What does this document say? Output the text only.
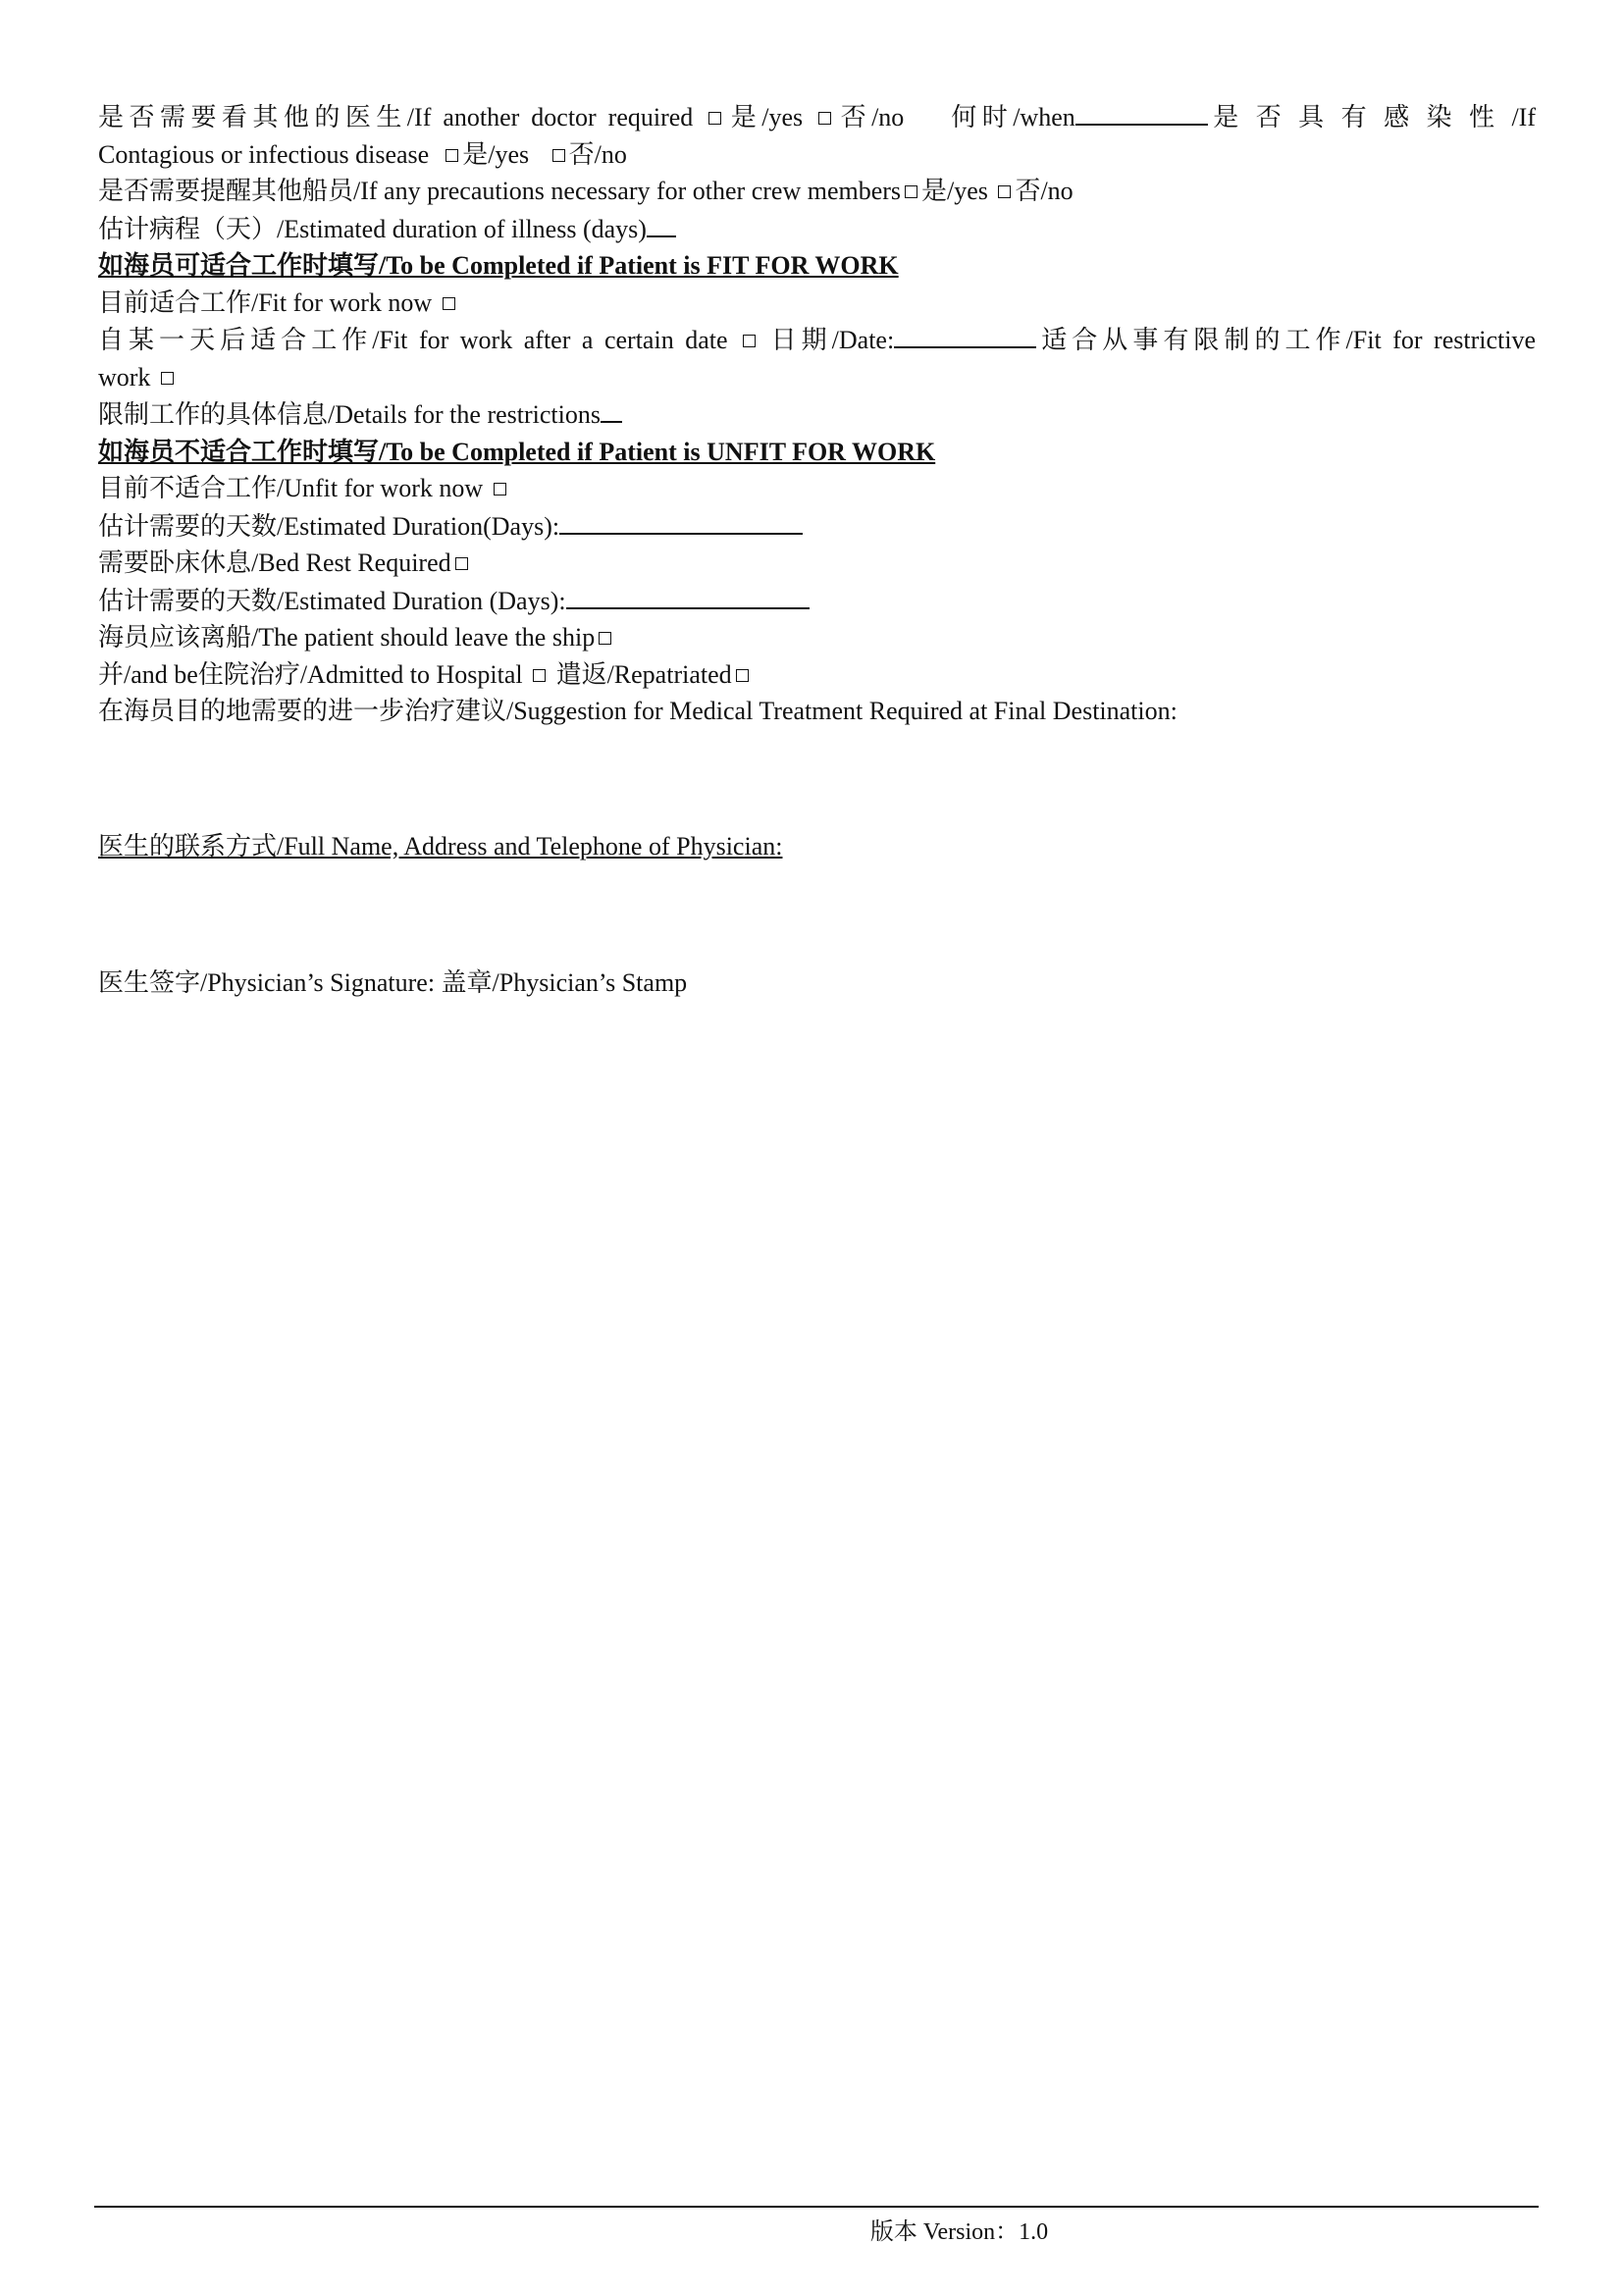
是否需要看其他的医生/If another doctor required 是/yes 否/no 何时/when	是 否 具 有 感 染 性 /If
Contagious or infectious disease 是/yes 否/no
是否需要提醒其他船员/If any precautions necessary for other crew members 是/yes 否/no
估计病程（天）/Estimated duration of illness (days)
如海员可适合工作时填写/To be Completed if Patient is FIT FOR WORK
目前适合工作/Fit for work now
自某一天后适合工作/Fit for work after a certain date 日期/Date:	适合从事有限制的工作/Fit for restrictive
work
限制工作的具体信息/Details for the restrictions
如海员不适合工作时填写/To be Completed if Patient is UNFIT FOR WORK
目前不适合工作/Unfit for work now
估计需要的天数/Estimated Duration(Days):
需要卧床休息/Bed Rest Required
估计需要的天数/Estimated Duration (Days):
海员应该离船/The patient should leave the ship
并/and be住院治疗/Admitted to Hospital 遣返/Repatriated
在海员目的地需要的进一步治疗建议/Suggestion for Medical Treatment Required at Final Destination:
医生的联系方式/Full Name, Address and Telephone of Physician:
医生签字/Physician’s Signature: 盖章/Physician’s Stamp
版本 Version：1.0
